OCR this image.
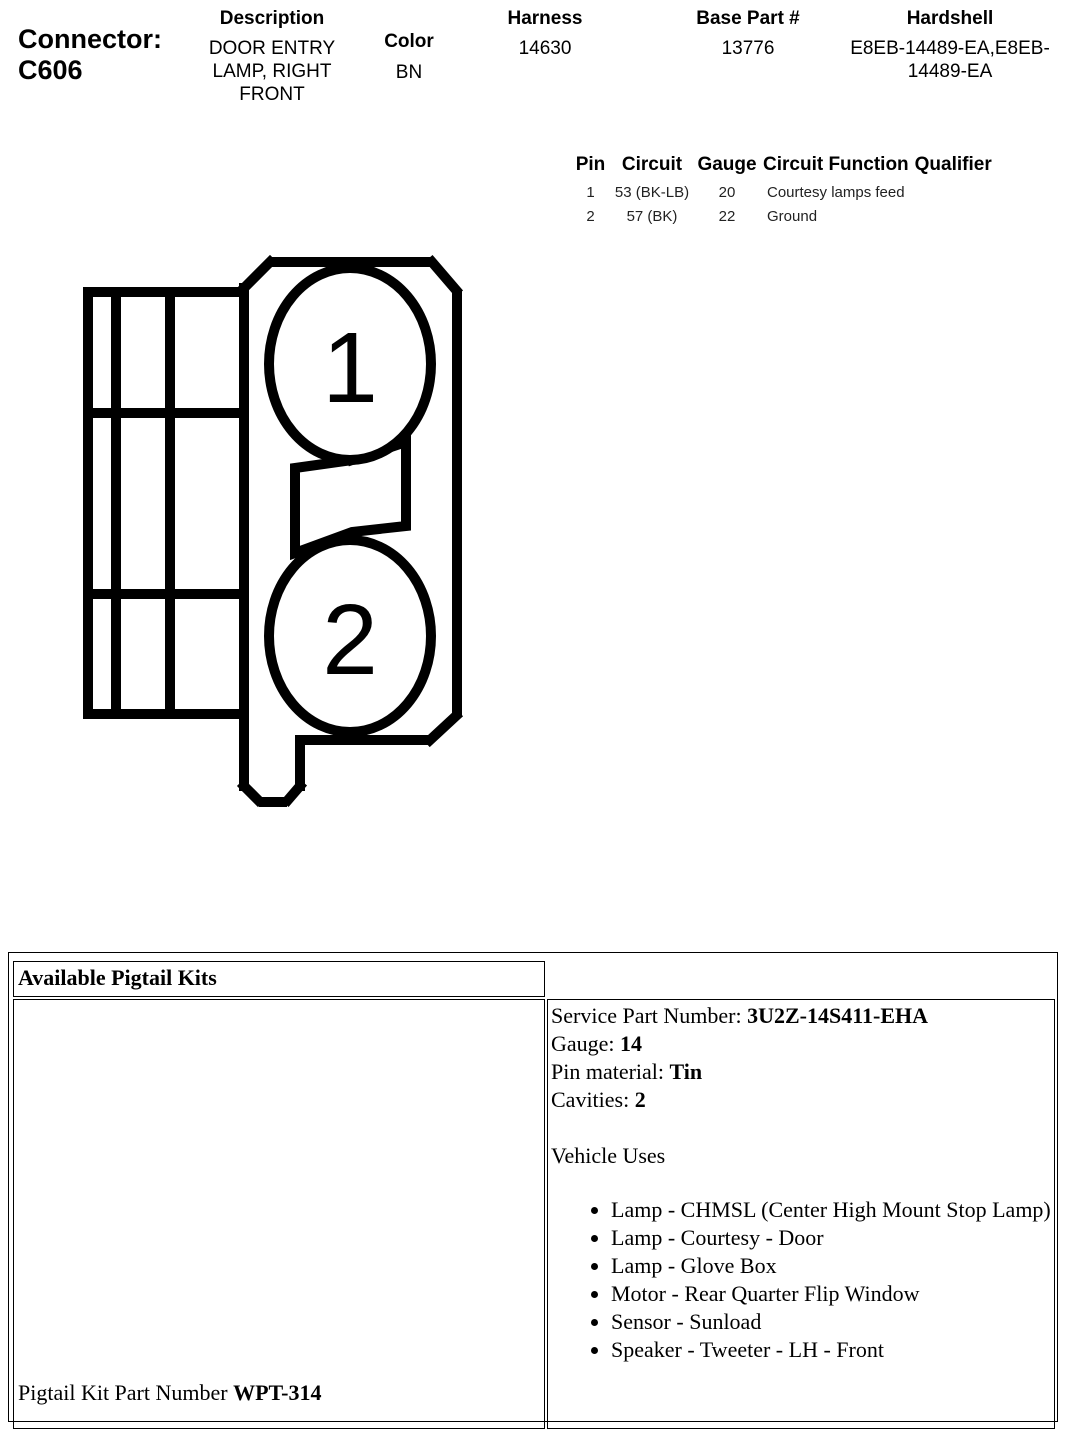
Connector:
C606
Description
DOOR ENTRY LAMP, RIGHT FRONT
Color
BN
Harness
14630
Base Part #
13776
Hardshell
E8EB-14489-EA,E8EB-14489-EA
Pin	Circuit	Gauge	Circuit Function	Qualifier
1	53 (BK-LB)	20	Courtesy lamps feed	
2	57 (BK)	22	Ground	
1
2
Available Pigtail Kits
Pigtail Kit Part Number WPT-314
Service Part Number: 3U2Z-14S411-EHA
Gauge: 14
Pin material: Tin
Cavities: 2
Vehicle Uses
• Lamp - CHMSL (Center High Mount Stop Lamp)
• Lamp - Courtesy - Door
• Lamp - Glove Box
• Motor - Rear Quarter Flip Window
• Sensor - Sunload
• Speaker - Tweeter - LH - Front
